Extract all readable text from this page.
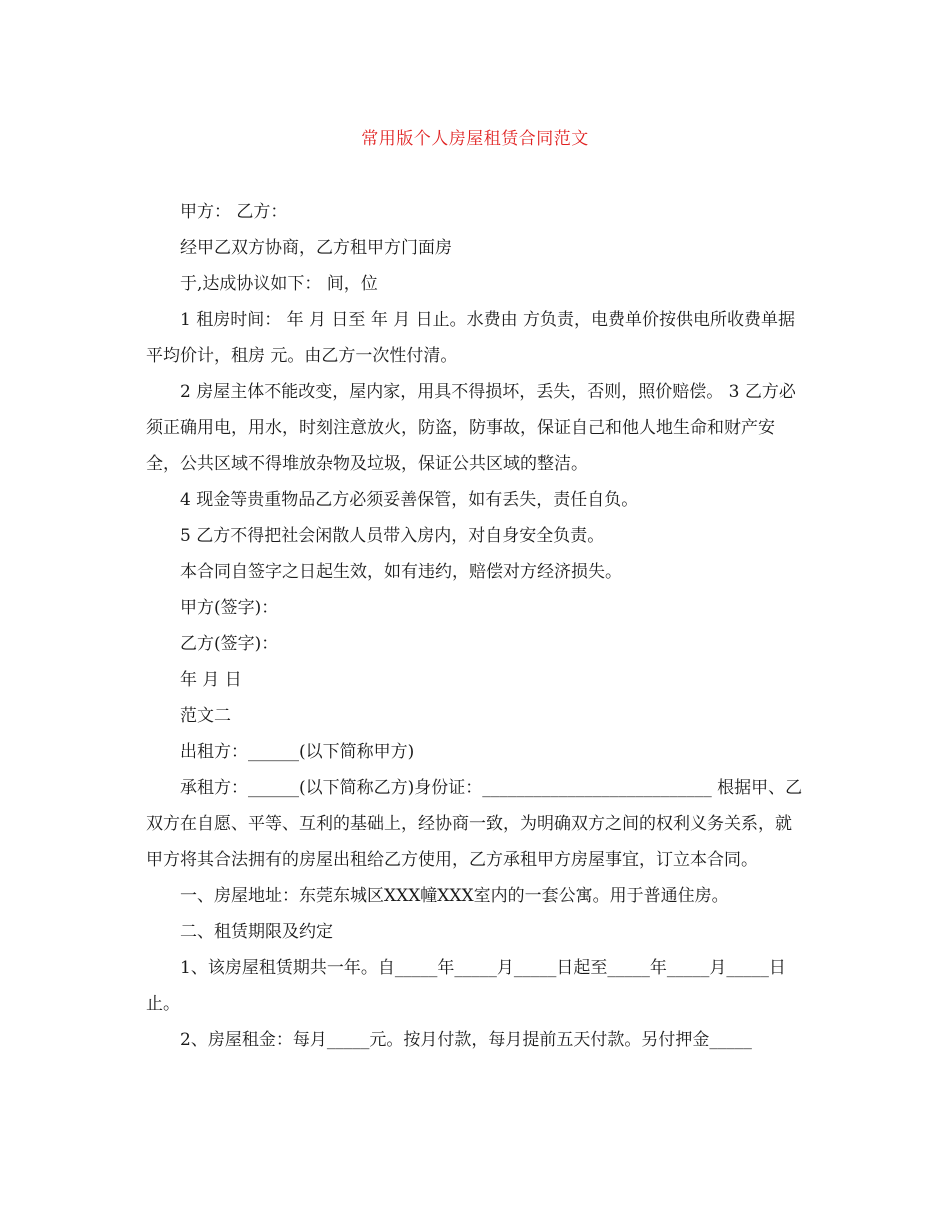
常用版个人房屋租赁合同范文

甲方： 乙方：

经甲乙双方协商，乙方租甲方门面房

于,达成协议如下： 间，位

1 租房时间： 年 月 日至 年 月 日止。水费由 方负责，电费单价按供电所收费单据平均价计，租房 元。由乙方一次性付清。

2 房屋主体不能改变，屋内家，用具不得损坏，丢失，否则，照价赔偿。 3 乙方必须正确用电，用水，时刻注意放火，防盗，防事故，保证自己和他人地生命和财产安全，公共区域不得堆放杂物及垃圾，保证公共区域的整洁。

4 现金等贵重物品乙方必须妥善保管，如有丢失，责任自负。

5 乙方不得把社会闲散人员带入房内，对自身安全负责。

本合同自签字之日起生效，如有违约，赔偿对方经济损失。

甲方(签字)：

乙方(签字)：

年 月 日

范文二

出租方：______(以下简称甲方)

承租方：______(以下简称乙方)身份证：___________________________ 根据甲、乙双方在自愿、平等、互利的基础上，经协商一致，为明确双方之间的权利义务关系，就甲方将其合法拥有的房屋出租给乙方使用，乙方承租甲方房屋事宜，订立本合同。

一、房屋地址：东莞东城区XXX幢XXX室内的一套公寓。用于普通住房。

二、租赁期限及约定

1、该房屋租赁期共一年。自_____年_____月_____日起至_____年_____月_____日止。

2、房屋租金：每月_____元。按月付款，每月提前五天付款。另付押金_____
